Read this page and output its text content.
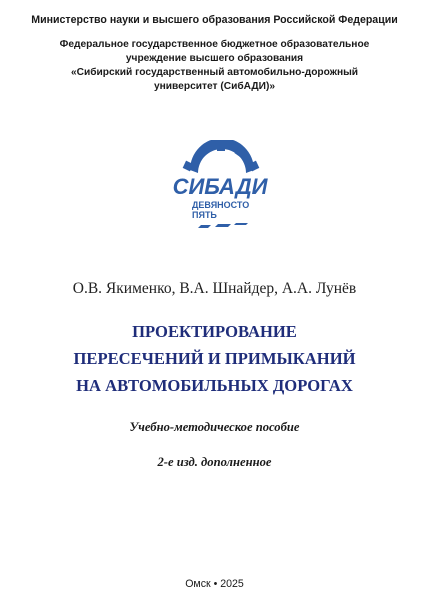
Министерство науки и высшего образования Российской Федерации
Федеральное государственное бюджетное образовательное
учреждение высшего образования
«Сибирский государственный автомобильно-дорожный
университет (СибАДИ)»
СИБАДИ
ДЕВЯНОСТО
ПЯТЬ
О.В. Якименко, В.А. Шнайдер, А.А. Лунёв
ПРОЕКТИРОВАНИЕ
ПЕРЕСЕЧЕНИЙ И ПРИМЫКАНИЙ
НА АВТОМОБИЛЬНЫХ ДОРОГАХ
Учебно-методическое пособие
2-е изд. дополненное
Омск • 2025
